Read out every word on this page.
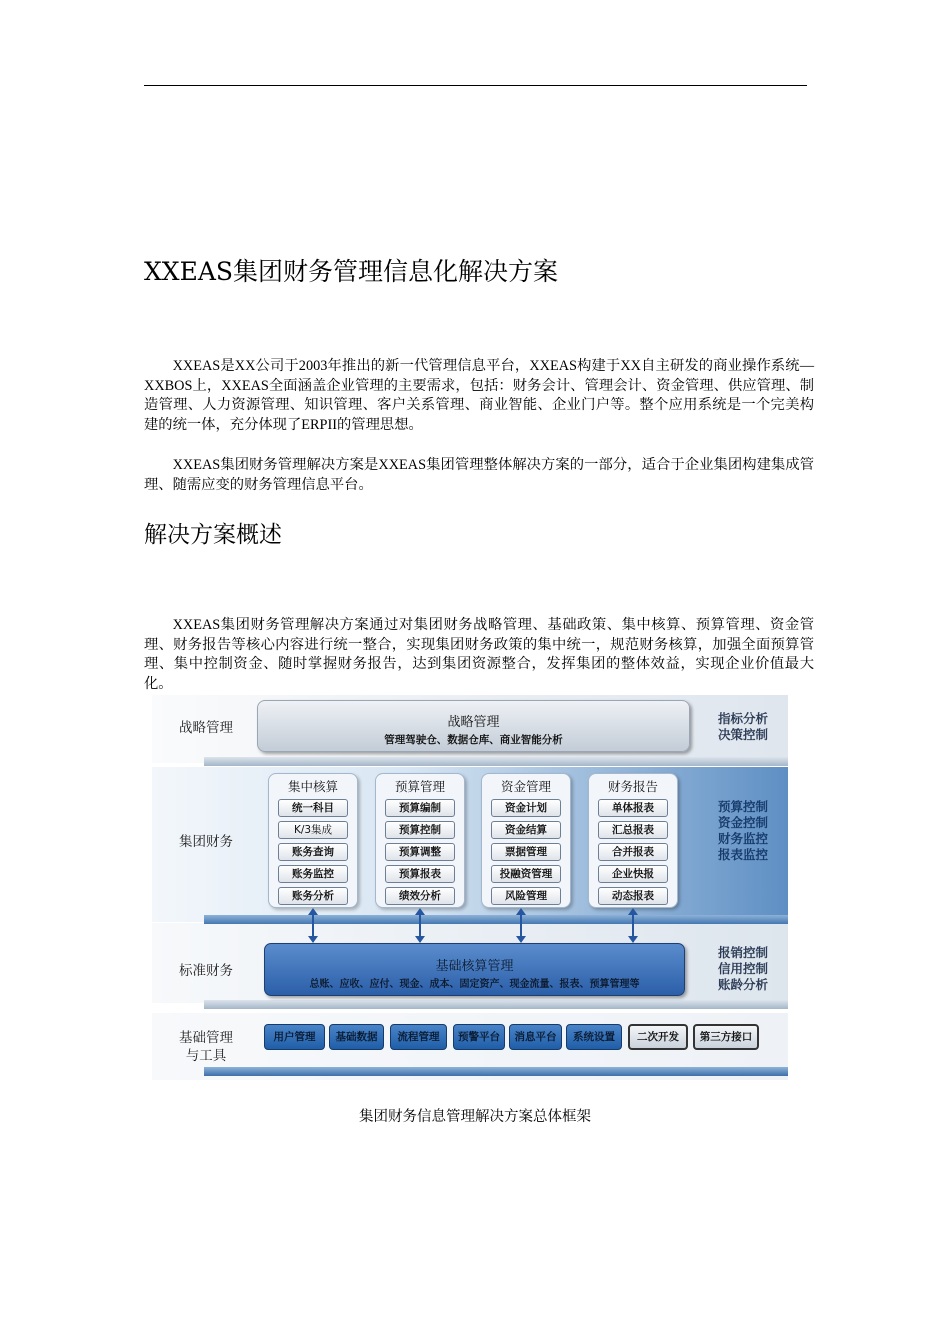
XXEAS集团财务管理信息化解决方案

XXEAS是XX公司于2003年推出的新一代管理信息平台，XXEAS构建于XX自主研发的商业操作系统—XXBOS上，XXEAS全面涵盖企业管理的主要需求，包括：财务会计、管理会计、资金管理、供应管理、制造管理、人力资源管理、知识管理、客户关系管理、商业智能、企业门户等。整个应用系统是一个完美构建的统一体，充分体现了ERPII的管理思想。

XXEAS集团财务管理解决方案是XXEAS集团管理整体解决方案的一部分，适合于企业集团构建集成管理、随需应变的财务管理信息平台。

解决方案概述

XXEAS集团财务管理解决方案通过对集团财务战略管理、基础政策、集中核算、预算管理、资金管理、财务报告等核心内容进行统一整合，实现集团财务政策的集中统一，规范财务核算，加强全面预算管理、集中控制资金、随时掌握财务报告，达到集团资源整合，发挥集团的整体效益，实现企业价值最大化。

战略管理
集团财务
标准财务
基础管理
与工具
指标分析
决策控制
预算控制
资金控制
财务监控
报表监控
报销控制
信用控制
账龄分析
战略管理
管理驾驶仓、数据仓库、商业智能分析
集中核算
统一科目
K/3集成
账务查询
账务监控
账务分析
预算管理
预算编制
预算控制
预算调整
预算报表
绩效分析
资金管理
资金计划
资金结算
票据管理
投融资管理
风险管理
财务报告
单体报表
汇总报表
合并报表
企业快报
动态报表
基础核算管理
总账、应收、应付、现金、成本、固定资产、现金流量、报表、预算管理等
用户管理	基础数据	流程管理	预警平台	消息平台	系统设置	二次开发	第三方接口
集团财务信息管理解决方案总体框架
